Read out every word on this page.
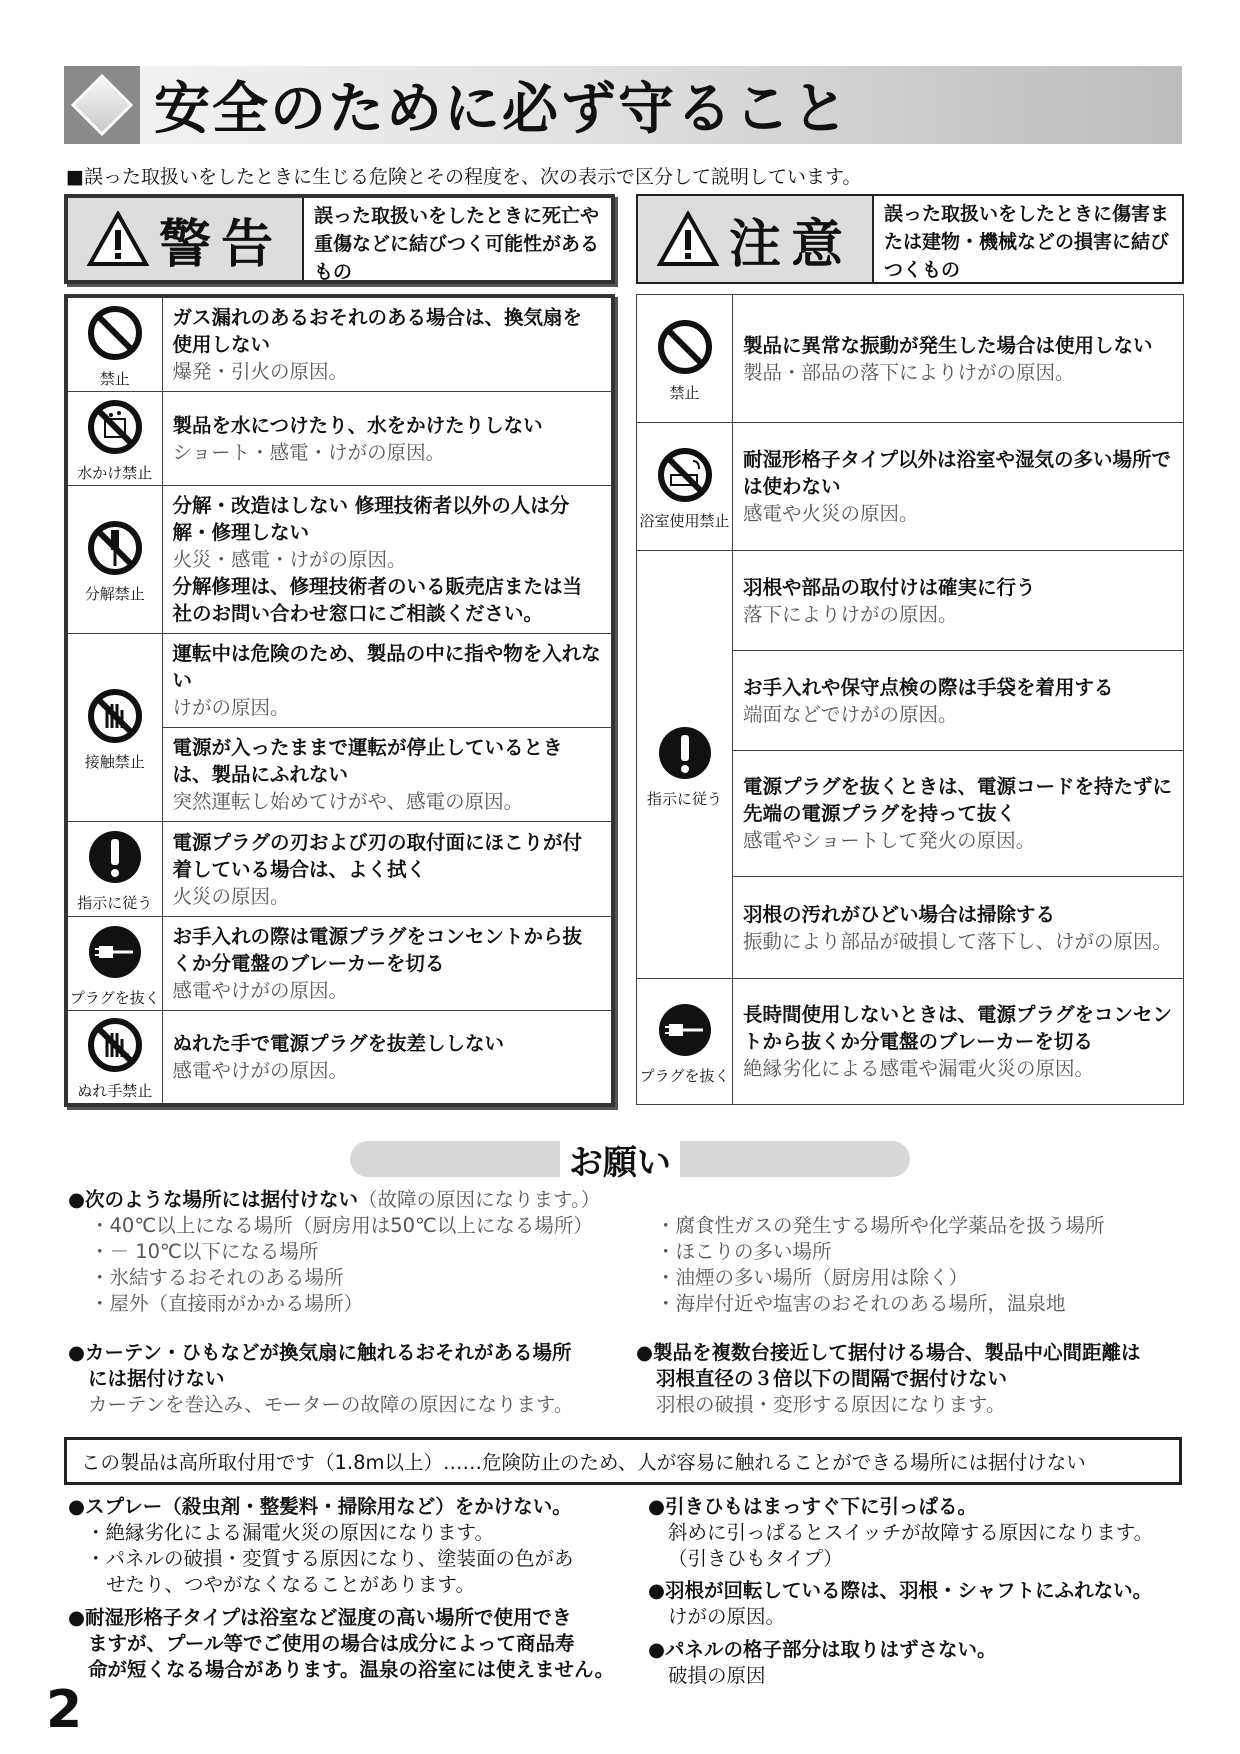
安全のために必ず守ること
■誤った取扱いをしたときに生じる危険とその程度を、次の表示で区分して説明しています。
警告	誤った取扱いをしたときに死亡や重傷などに結びつく可能性があるもの	注意
誤った取扱いをしたときに傷害または建物・機械などの損害に結びつくもの
禁止	ガス漏れのあるおそれのある場合は、換気扇を使用しない
爆発・引火の原因。

水かけ禁止	製品を水につけたり、水をかけたりしない
ショート・感電・けがの原因。

分解禁止	分解・改造はしない 修理技術者以外の人は分解・修理しない
火災・感電・けがの原因。
分解修理は、修理技術者のいる販売店または当社のお問い合わせ窓口にご相談ください。

接触禁止	運転中は危険のため、製品の中に指や物を入れない
けがの原因。

	電源が入ったままで運転が停止しているときは、製品にふれない
突然運転し始めてけがや、感電の原因。

指示に従う	電源プラグの刃および刃の取付面にほこりが付着している場合は、よく拭く
火災の原因。

プラグを抜く	お手入れの際は電源プラグをコンセントから抜くか分電盤のブレーカーを切る
感電やけがの原因。

ぬれ手禁止	ぬれた手で電源プラグを抜差ししない
感電やけがの原因。
禁止	製品に異常な振動が発生した場合は使用しない
製品・部品の落下によりけがの原因。

浴室使用禁止	耐湿形格子タイプ以外は浴室や湿気の多い場所では使わない
感電や火災の原因。

指示に従う	羽根や部品の取付けは確実に行う
落下によりけがの原因。

	お手入れや保守点検の際は手袋を着用する
端面などでけがの原因。

	電源プラグを抜くときは、電源コードを持たずに先端の電源プラグを持って抜く
感電やショートして発火の原因。

	羽根の汚れがひどい場合は掃除する
振動により部品が破損して落下し、けがの原因。

プラグを抜く	長時間使用しないときは、電源プラグをコンセントから抜くか分電盤のブレーカーを切る
絶縁劣化による感電や漏電火災の原因。
お願い

●次のような場所には据付けない（故障の原因になります。）

・40℃以上になる場所（厨房用は50℃以上になる場所）

・－ 10℃以下になる場所

・氷結するおそれのある場所

・屋外（直接雨がかかる場所）

・腐食性ガスの発生する場所や化学薬品を扱う場所

・ほこりの多い場所

・油煙の多い場所（厨房用は除く）

・海岸付近や塩害のおそれのある場所，温泉地

●カーテン・ひもなどが換気扇に触れるおそれがある場所

には据付けない

カーテンを巻込み、モーターの故障の原因になります。

●製品を複数台接近して据付ける場合、製品中心間距離は

羽根直径の３倍以下の間隔で据付けない

羽根の破損・変形する原因になります。

この製品は高所取付用です（1.8m以上）……危険防止のため、人が容易に触れることができる場所には据付けない

●スプレー（殺虫剤・整髪料・掃除用など）をかけない。

・絶縁劣化による漏電火災の原因になります。

・パネルの破損・変質する原因になり、塗装面の色があ

せたり、つやがなくなることがあります。

●耐湿形格子タイプは浴室など湿度の高い場所で使用でき

ますが、プール等でご使用の場合は成分によって商品寿

命が短くなる場合があります。温泉の浴室には使えません。

●引きひもはまっすぐ下に引っぱる。

斜めに引っぱるとスイッチが故障する原因になります。

（引きひもタイプ）

●羽根が回転している際は、羽根・シャフトにふれない。

けがの原因。

●パネルの格子部分は取りはずさない。

破損の原因

2
